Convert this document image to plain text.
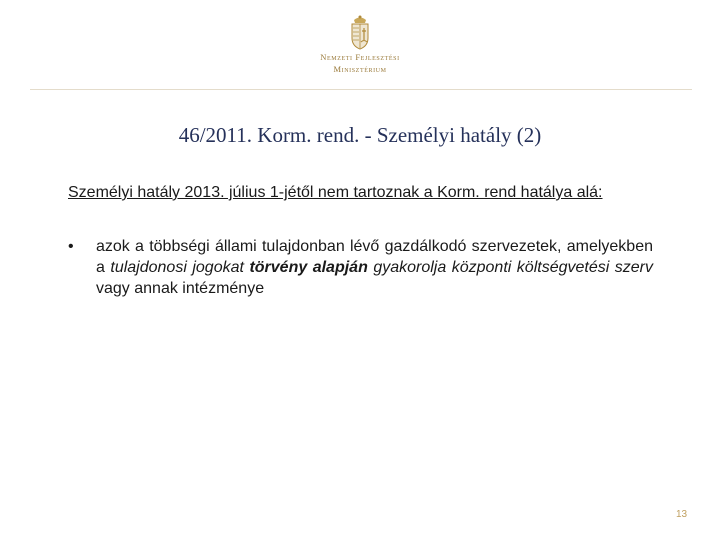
Nemzeti Fejlesztési
Minisztérium
46/2011. Korm. rend. - Személyi hatály (2)
Személyi hatály 2013. július 1-jétől nem tartoznak a Korm. rend hatálya alá:
•	azok a többségi állami tulajdonban lévő gazdálkodó szervezetek, amelyekben a tulajdonosi jogokat törvény alapján gyakorolja központi költségvetési szerv vagy annak intézménye
13
